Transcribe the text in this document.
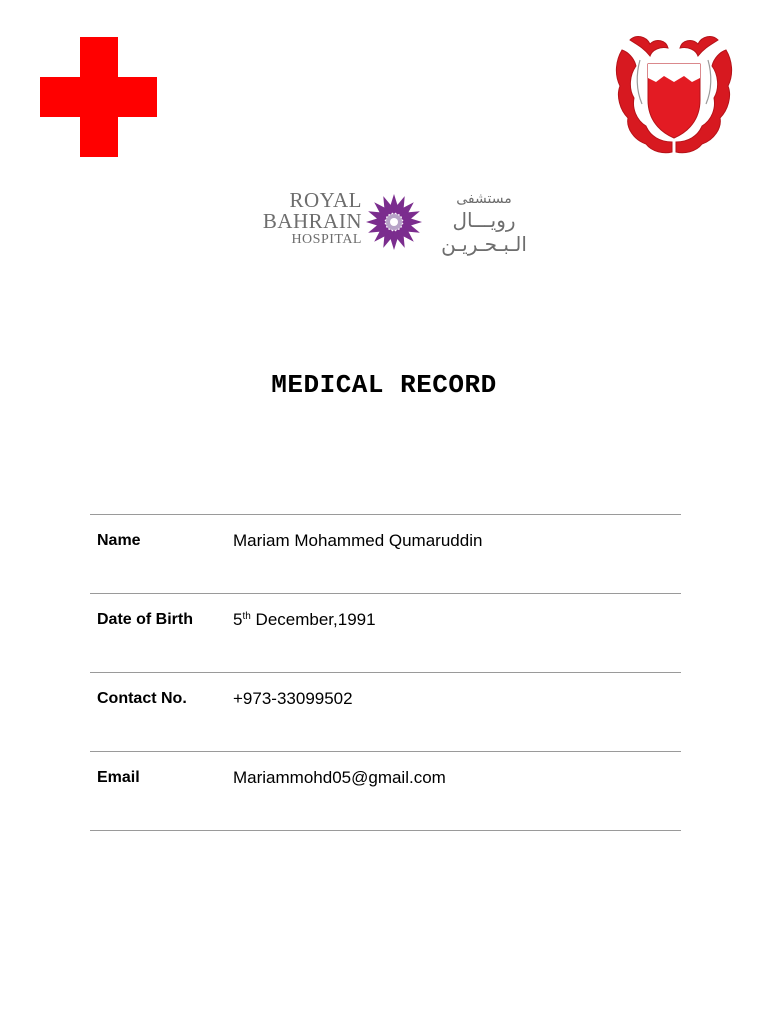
ROYAL
BAHRAIN
HOSPITAL
مستشفى
رويـــال
الـبـحـريـن
MEDICAL RECORD
Name	Mariam Mohammed Qumaruddin
Date of Birth 5th December,1991
Contact No.	+973-33099502
Email	Mariammohd05@gmail.com
